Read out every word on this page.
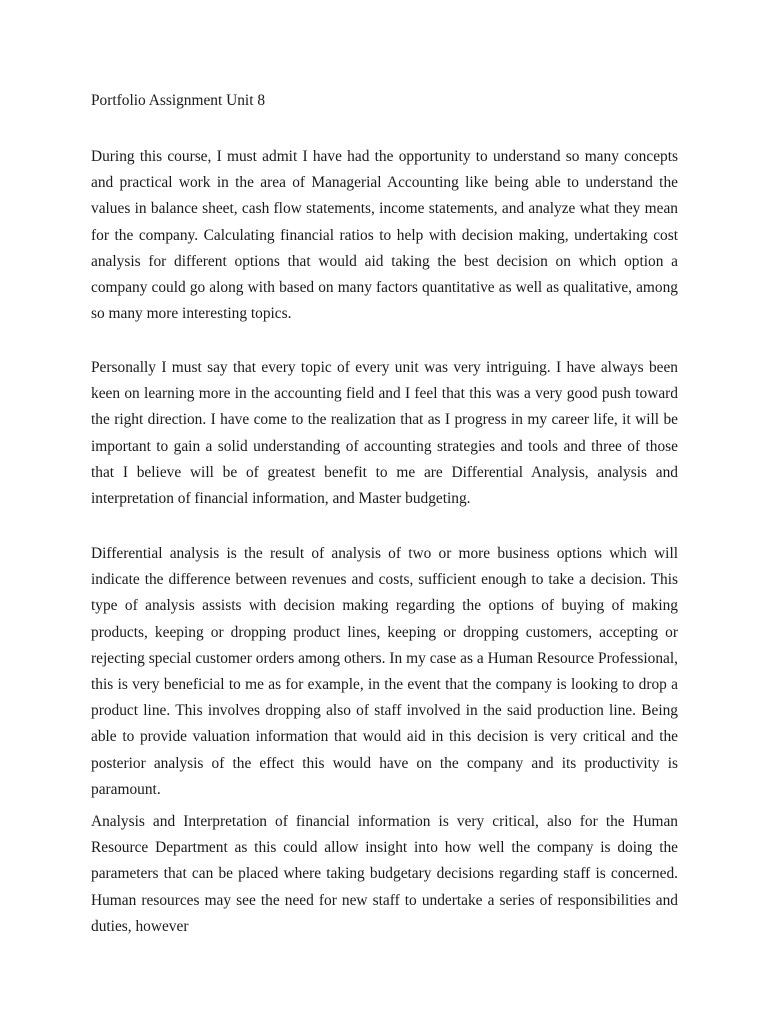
Portfolio Assignment Unit 8

During this course, I must admit I have had the opportunity to understand so many concepts and practical work in the area of Managerial Accounting like being able to understand the values in balance sheet, cash flow statements, income statements, and analyze what they mean for the company. Calculating financial ratios to help with decision making, undertaking cost analysis for different options that would aid taking the best decision on which option a company could go along with based on many factors quantitative as well as qualitative, among so many more interesting topics.

Personally I must say that every topic of every unit was very intriguing. I have always been keen on learning more in the accounting field and I feel that this was a very good push toward the right direction. I have come to the realization that as I progress in my career life, it will be important to gain a solid understanding of accounting strategies and tools and three of those that I believe will be of greatest benefit to me are Differential Analysis, analysis and interpretation of financial information, and Master budgeting.

Differential analysis is the result of analysis of two or more business options which will indicate the difference between revenues and costs, sufficient enough to take a decision. This type of analysis assists with decision making regarding the options of buying of making products, keeping or dropping product lines, keeping or dropping customers, accepting or rejecting special customer orders among others. In my case as a Human Resource Professional, this is very beneficial to me as for example, in the event that the company is looking to drop a product line. This involves dropping also of staff involved in the said production line. Being able to provide valuation information that would aid in this decision is very critical and the posterior analysis of the effect this would have on the company and its productivity is paramount.

Analysis and Interpretation of financial information is very critical, also for the Human Resource Department as this could allow insight into how well the company is doing the parameters that can be placed where taking budgetary decisions regarding staff is concerned. Human resources may see the need for new staff to undertake a series of responsibilities and duties, however
